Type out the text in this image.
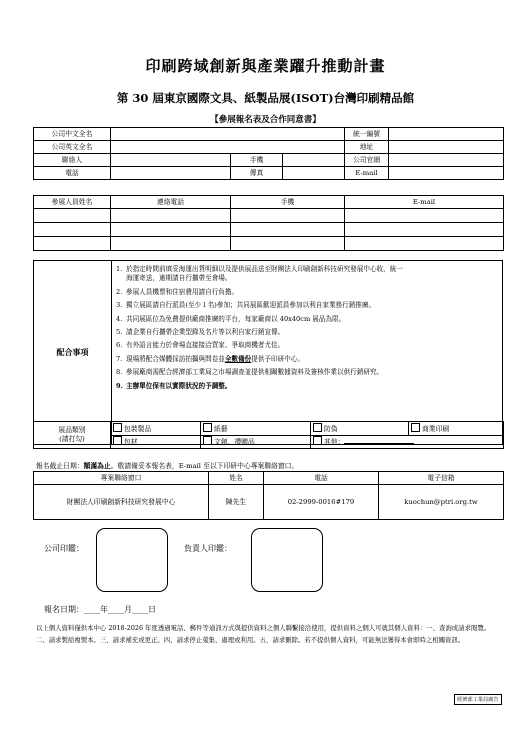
印刷跨域創新與產業躍升推動計畫
第 30 屆東京國際文具、紙製品展(ISOT)台灣印刷精品館
【參展報名表及合作同意書】
公司中文全名				統一編號	
公司英文全名				地址	
聯絡人		手機		公司官網	
電話		傳真		E-mail	
參展人員姓名	連絡電話	手機	E-mail

配合事項

1. 於指定時間前填妥海運出貨明細以及提供展品送至財團法人印刷創新科技研究發展中心收，統一

海運寄送，逾期請自行攜帶至會場。

2. 參展人員機票和住宿費用請自行負擔。

3. 獨立展區請自行派員(至少１名)參加；共同展區歡迎派員參加以利自家業務行銷推廣。

4. 共同展區位為免費提供廠商推廣的平台，每家廠商以 40x40cm 展品為限。

5. 請企業自行攜帶企業型錄及名片等以利自家行銷宣傳。

6. 有外語言能力於會場直接接洽買家、爭取商機者尤佳。

7. 現場將配合媒體採訪拍攝與問卷並全數備份提供予印研中心。

8. 參展廠商需配合經濟部工業局之市場調查並提供相關數據資料及簽核作業以供行銷研究。

9. 主辦單位保有以實際狀況的予調整。

展品類別
(請打勾)	包裝製品	紙藝	防偽	商業印刷
	包材	文創、禮贈品	其他：	
報名截止日期：額滿為止。敬請備妥本報名表，E-mail 至以下印研中心專案聯絡窗口。
專案聯絡窗口	姓名	電話	電子信箱
財團法人印刷創新科技研究發展中心	陳先生	02-2999-0016#179	kuochun@ptri.org.tw
公司印鑑：	負責人印鑑：
報名日期：____年____月____日
以上個人資料僅供本中心 2018-2026 年度透過電話、郵件等通訊方式與提供資料之個人聯繫接洽使用，提供資料之個人可就其個人資料：一、查詢或請求閱覽。二、請求製給複製本。三、請求補充或更正。四、請求停止蒐集、處理或利用。五、請求刪除。若不提供個人資料，可能無法獲得本會即時之相關資訊。
經濟部工業局廣告
